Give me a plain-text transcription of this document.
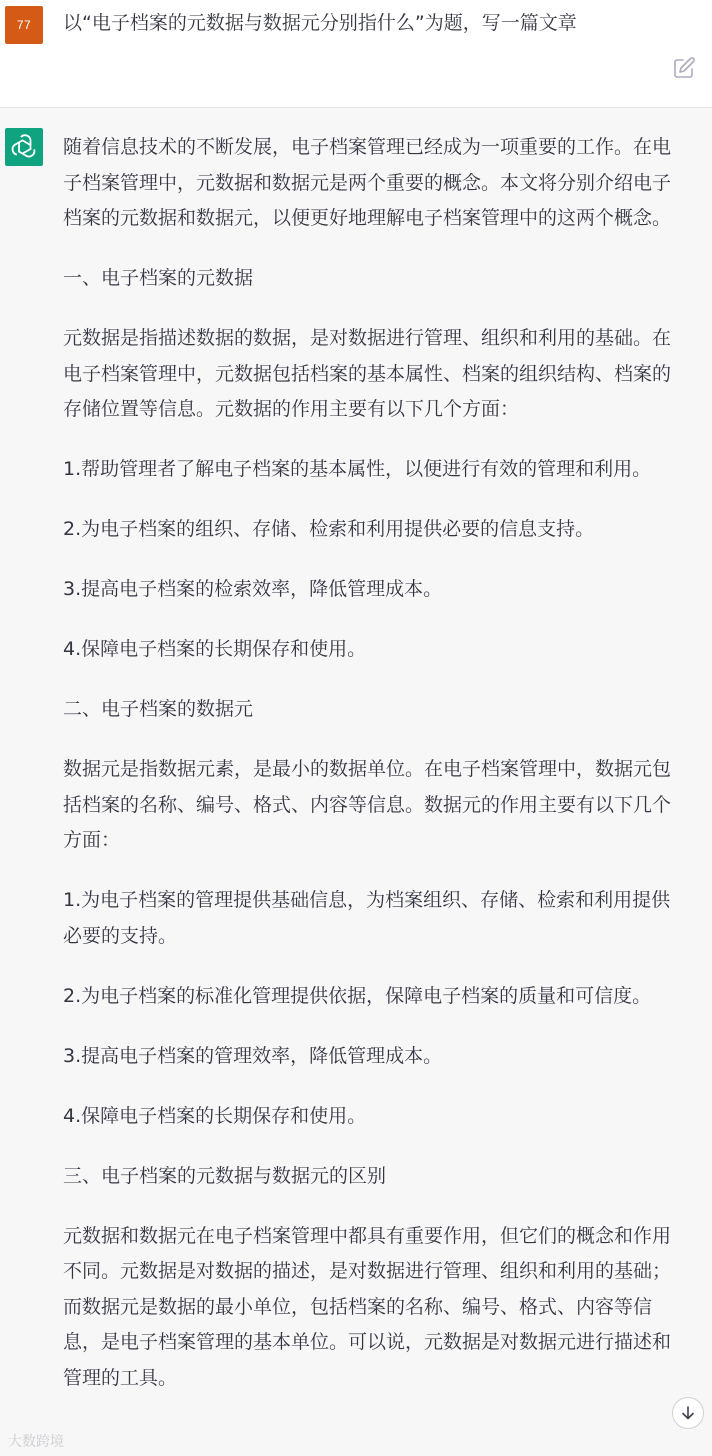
77	以“电子档案的元数据与数据元分别指什么”为题，写一篇文章

随着信息技术的不断发展，电子档案管理已经成为一项重要的工作。在电子档案管理中，元数据和数据元是两个重要的概念。本文将分别介绍电子档案的元数据和数据元，以便更好地理解电子档案管理中的这两个概念。

一、电子档案的元数据

元数据是指描述数据的数据，是对数据进行管理、组织和利用的基础。在电子档案管理中，元数据包括档案的基本属性、档案的组织结构、档案的存储位置等信息。元数据的作用主要有以下几个方面：

1.帮助管理者了解电子档案的基本属性，以便进行有效的管理和利用。

2.为电子档案的组织、存储、检索和利用提供必要的信息支持。

3.提高电子档案的检索效率，降低管理成本。

4.保障电子档案的长期保存和使用。

二、电子档案的数据元

数据元是指数据元素，是最小的数据单位。在电子档案管理中，数据元包括档案的名称、编号、格式、内容等信息。数据元的作用主要有以下几个方面：

1.为电子档案的管理提供基础信息，为档案组织、存储、检索和利用提供必要的支持。

2.为电子档案的标准化管理提供依据，保障电子档案的质量和可信度。

3.提高电子档案的管理效率，降低管理成本。

4.保障电子档案的长期保存和使用。

三、电子档案的元数据与数据元的区别

元数据和数据元在电子档案管理中都具有重要作用，但它们的概念和作用不同。元数据是对数据的描述，是对数据进行管理、组织和利用的基础；而数据元是数据的最小单位，包括档案的名称、编号、格式、内容等信息，是电子档案管理的基本单位。可以说，元数据是对数据元进行描述和管理的工具。

大数跨境
